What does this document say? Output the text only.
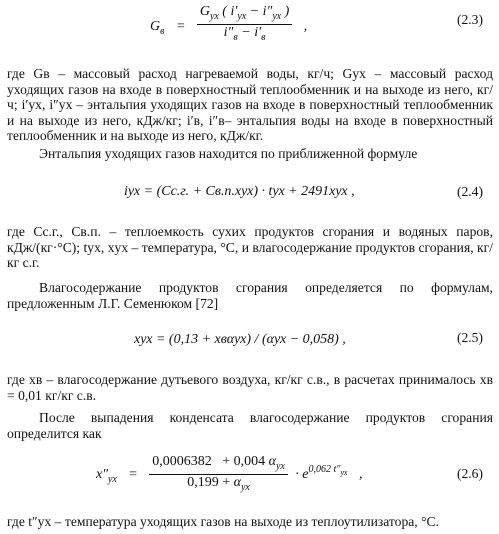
$G_в = \frac{G_{ух} ( i'_{ух} - i''_{ух} )}{i''_в - i'_в}$ ,	(2.3)

где Gв – массовый расход нагреваемой воды, кг/ч; Gух – массовый расход уходящих газов на входе в поверхностный теплообменник и на выходе из него, кг/ч; i′ух, i″ух – энтальпия уходящих газов на входе в поверхностный теплообменник и на выходе из него, кДж/кг; i′в, i″в– энтальпия воды на входе в поверхностный теплообменник и на выходе из него, кДж/кг.

Энтальпия уходящих газов находится по приближенной формуле

iух = (Cс.г. + Cв.п.xух) · tух + 2491xух ,	(2.4)

где Cс.г., Cв.п. – теплоемкость сухих продуктов сгорания и водяных паров, кДж/(кг·°С); tух, xух – температура, °С, и влагосодержание продуктов сгорания, кг/кг с.г.

Влагосодержание продуктов сгорания определяется по формулам, предложенным Л.Г. Семенюком [72]

xух = (0,13 + xвαух) / (αух − 0,058) ,	(2.5)

где xв – влагосодержание дутьевого воздуха, кг/кг с.в., в расчетах принималось xв = 0,01 кг/кг с.в.

После выпадения конденсата влагосодержание продуктов сгорания определится как

$x''_{ух} = \frac{0,0006382 + 0,004 \alpha_{ух}}{0,199 + \alpha_{ух}} \cdot e^{0,062 t''_{ух}}$ ,	(2.6)

где t″ух – температура уходящих газов на выходе из теплоутилизатора, °С.
